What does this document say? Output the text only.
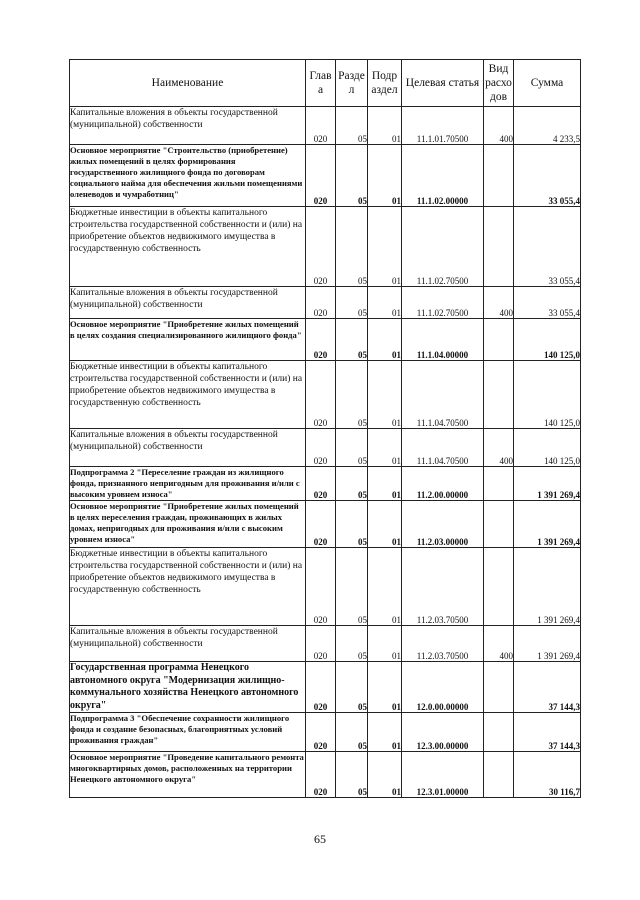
Наименование	Глав а	Разде л	Подр аздел	Целевая статья	Вид расхо дов	Сумма
Капитальные вложения в объекты государственной (муниципальной) собственности	020	05	01	11.1.01.70500	400	4 233,5
Основное мероприятие "Строительство (приобретение) жилых помещений в целях формирования государственного жилищного фонда по договорам социального найма для обеспечения жильми помещениями оленеводов и чумработниц"	020	05	01	11.1.02.00000		33 055,4
Бюджетные инвестиции в объекты капитального строительства государственной собственности и (или) на приобретение объектов недвижимого имущества в государственную собственность	020	05	01	11.1.02.70500		33 055,4
Капитальные вложения в объекты государственной (муниципальной) собственности	020	05	01	11.1.02.70500	400	33 055,4
Основное мероприятие "Приобретение жилых помещений в целях создания специализированного жилищного фонда"	020	05	01	11.1.04.00000		140 125,0
Бюджетные инвестиции в объекты капитального строительства государственной собственности и (или) на приобретение объектов недвижимого имущества в государственную собственность	020	05	01	11.1.04.70500		140 125,0
Капитальные вложения в объекты государственной (муниципальной) собственности	020	05	01	11.1.04.70500	400	140 125,0
Подпрограмма 2 "Переселение граждан из жилищного фонда, признанного непригодным для проживания и/или с высоким уровнем износа"	020	05	01	11.2.00.00000		1 391 269,4
Основное мероприятие "Приобретение жилых помещений в целях переселения граждан, проживающих в жилых домах, непригодных для проживания и/или с высоким уровнем износа"	020	05	01	11.2.03.00000		1 391 269,4
Бюджетные инвестиции в объекты капитального строительства государственной собственности и (или) на приобретение объектов недвижимого имущества в государственную собственность	020	05	01	11.2.03.70500		1 391 269,4
Капитальные вложения в объекты государственной (муниципальной) собственности	020	05	01	11.2.03.70500	400	1 391 269,4
Государственная программа Ненецкого автономного округа "Модернизация жилищно-коммунального хозяйства Ненецкого автономного округа"	020	05	01	12.0.00.00000		37 144,3
Подпрограмма 3 "Обеспечение сохранности жилищного фонда и создание безопасных, благоприятных условий проживания граждан"	020	05	01	12.3.00.00000		37 144,3
Основное мероприятие "Проведение капитального ремонта многоквартирных домов, расположенных на территории Ненецкого автономного округа"	020	05	01	12.3.01.00000		30 116,7
65
